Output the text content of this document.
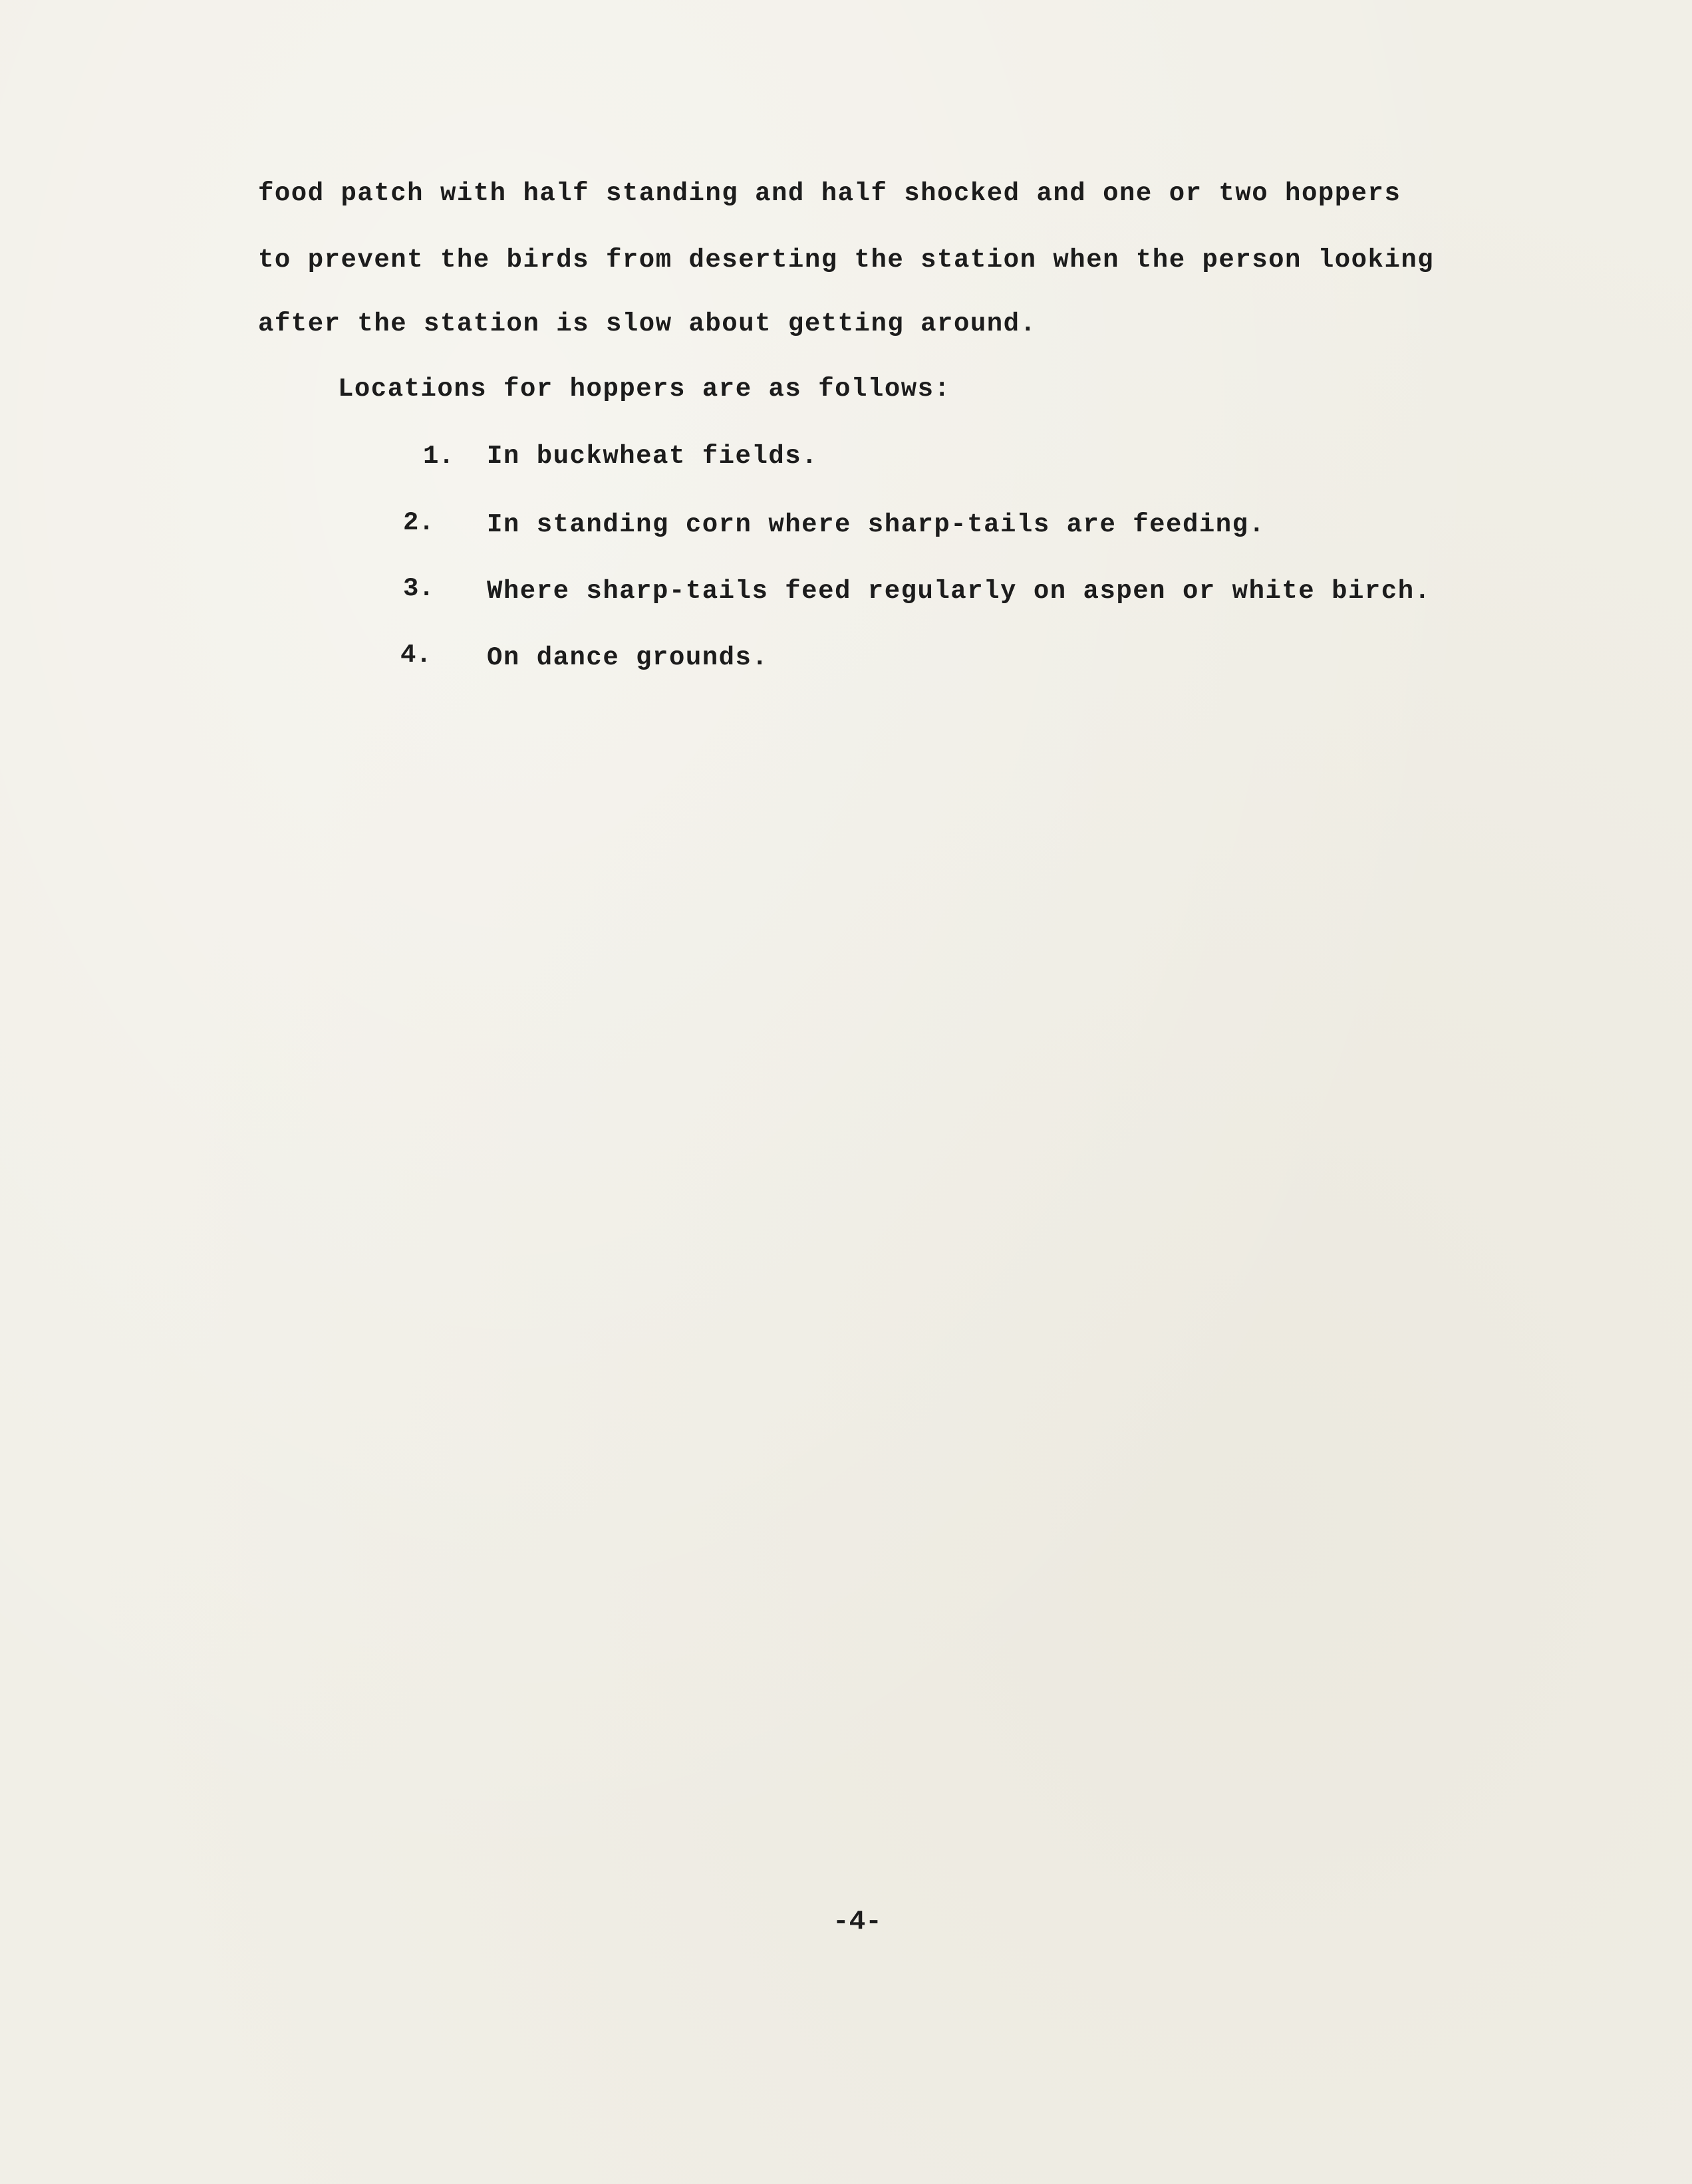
food patch with half standing and half shocked and one or two hoppers
to prevent the birds from deserting the station when the person looking
after the station is slow about getting around.
Locations for hoppers are as follows:
1. In buckwheat fields.
2. In standing corn where sharp-tails are feeding.
3. Where sharp-tails feed regularly on aspen or white birch.
4. On dance grounds.
-4-
